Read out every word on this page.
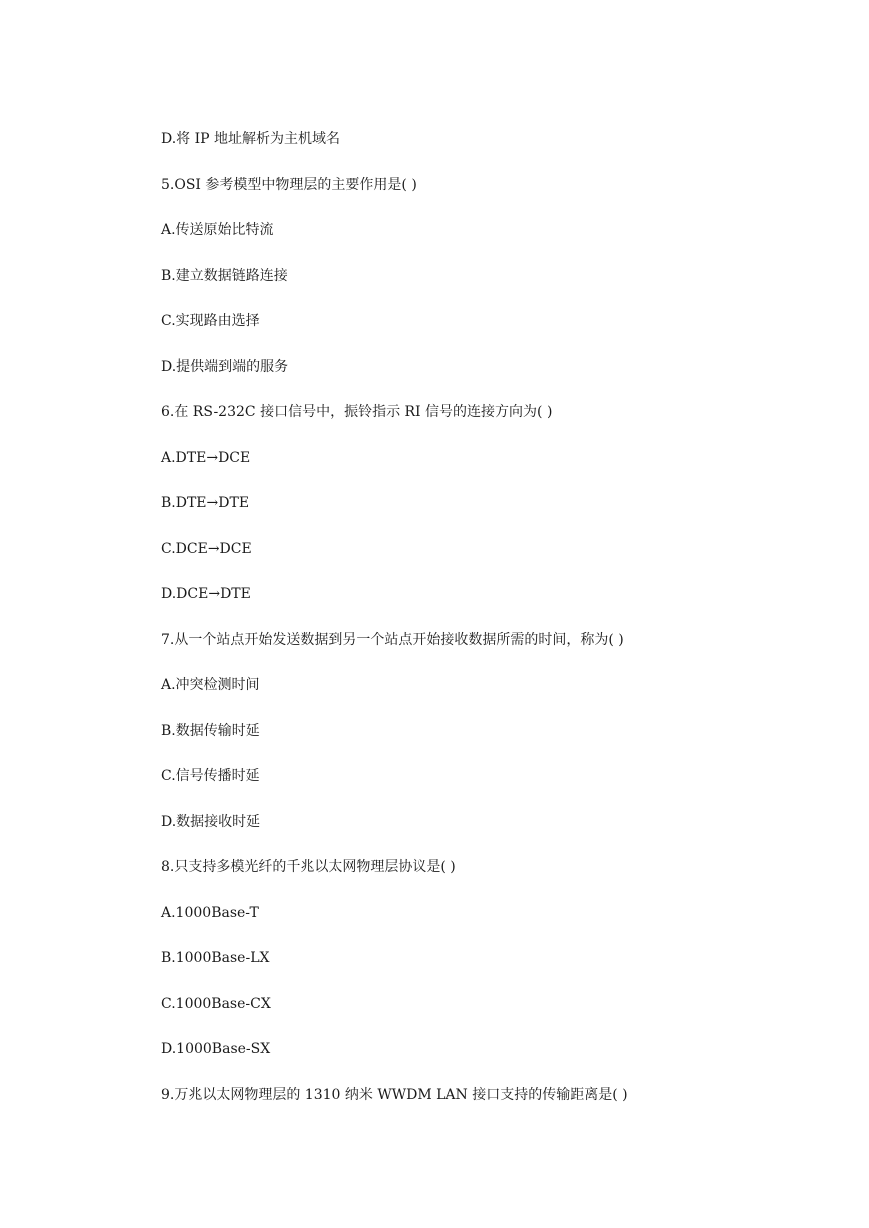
D.将 IP 地址解析为主机域名
5.OSI 参考模型中物理层的主要作用是( )
A.传送原始比特流
B.建立数据链路连接
C.实现路由选择
D.提供端到端的服务
6.在 RS-232C 接口信号中，振铃指示 RI 信号的连接方向为( )
A.DTE→DCE
B.DTE→DTE
C.DCE→DCE
D.DCE→DTE
7.从一个站点开始发送数据到另一个站点开始接收数据所需的时间，称为( )
A.冲突检测时间
B.数据传输时延
C.信号传播时延
D.数据接收时延
8.只支持多模光纤的千兆以太网物理层协议是( )
A.1000Base-T
B.1000Base-LX
C.1000Base-CX
D.1000Base-SX
9.万兆以太网物理层的 1310 纳米 WWDM LAN 接口支持的传输距离是( )
